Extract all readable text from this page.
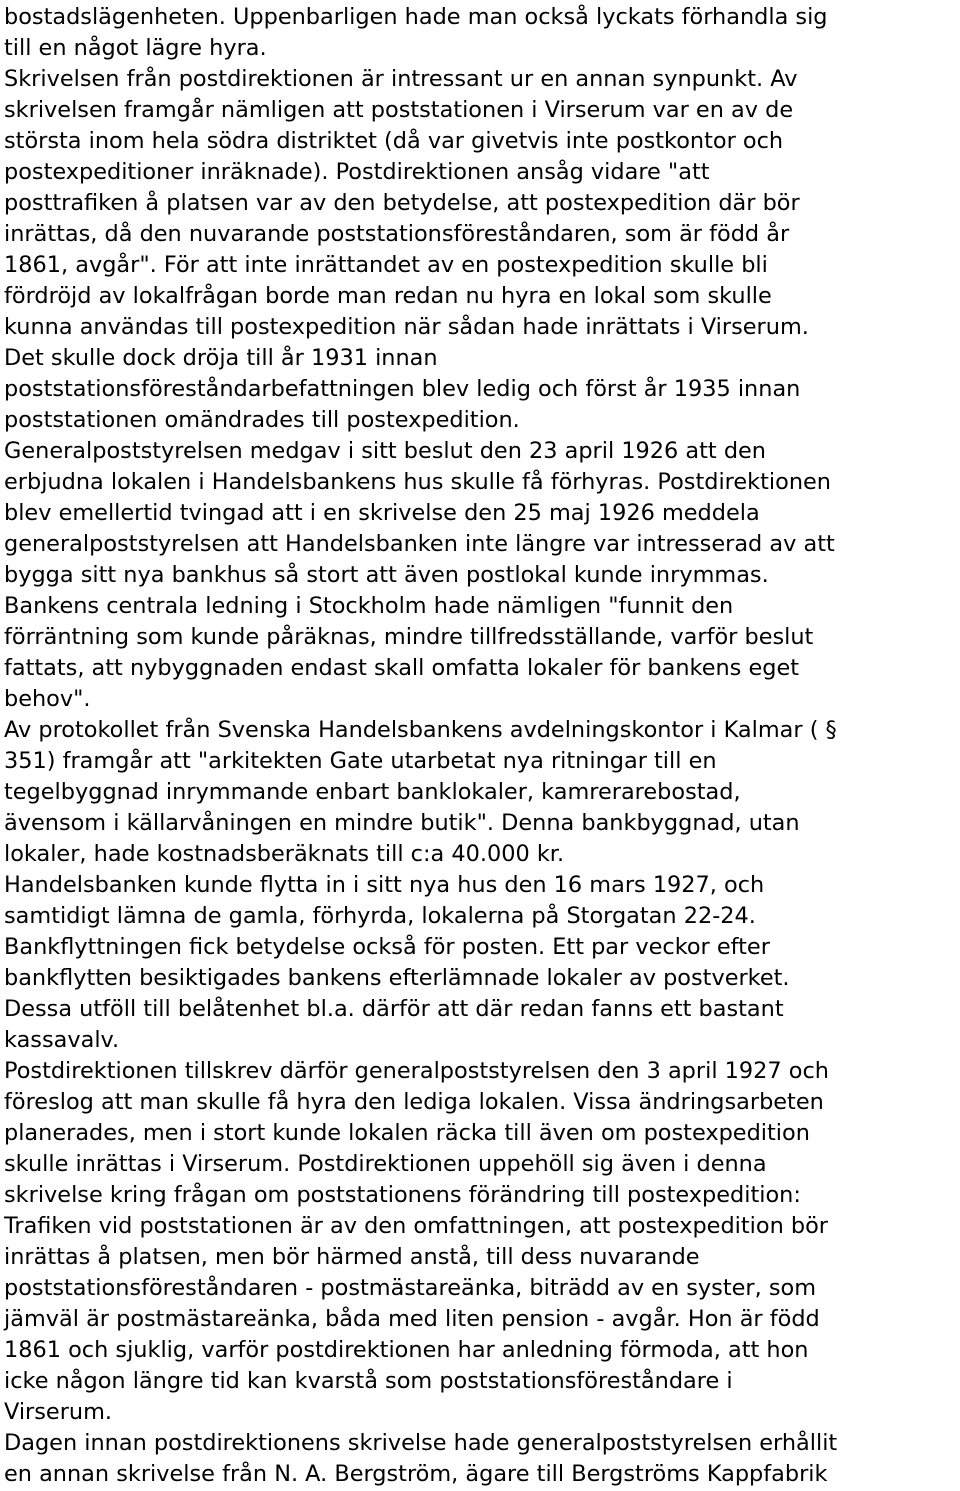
bostadslägenheten. Uppenbarligen hade man också lyckats förhandla sig
till en något lägre hyra.
Skrivelsen från postdirektionen är intressant ur en annan synpunkt. Av
skrivelsen framgår nämligen att poststationen i Virserum var en av de
största inom hela södra distriktet (då var givetvis inte postkontor och
postexpeditioner inräknade). Postdirektionen ansåg vidare "att
posttrafiken å platsen var av den betydelse, att postexpedition där bör
inrättas, då den nuvarande poststationsföreståndaren, som är född år
1861, avgår". För att inte inrättandet av en postexpedition skulle bli
fördröjd av lokalfrågan borde man redan nu hyra en lokal som skulle
kunna användas till postexpedition när sådan hade inrättats i Virserum.
Det skulle dock dröja till år 1931 innan
poststationsföreståndarbefattningen blev ledig och först år 1935 innan
poststationen omändrades till postexpedition.
Generalpoststyrelsen medgav i sitt beslut den 23 april 1926 att den
erbjudna lokalen i Handelsbankens hus skulle få förhyras. Postdirektionen
blev emellertid tvingad att i en skrivelse den 25 maj 1926 meddela
generalpoststyrelsen att Handelsbanken inte längre var intresserad av att
bygga sitt nya bankhus så stort att även postlokal kunde inrymmas.
Bankens centrala ledning i Stockholm hade nämligen "funnit den
förräntning som kunde påräknas, mindre tillfredsställande, varför beslut
fattats, att nybyggnaden endast skall omfatta lokaler för bankens eget
behov".
Av protokollet från Svenska Handelsbankens avdelningskontor i Kalmar ( §
351) framgår att "arkitekten Gate utarbetat nya ritningar till en
tegelbyggnad inrymmande enbart banklokaler, kamrerarebostad,
ävensom i källarvåningen en mindre butik". Denna bankbyggnad, utan
lokaler, hade kostnadsberäknats till c:a 40.000 kr.
Handelsbanken kunde flytta in i sitt nya hus den 16 mars 1927, och
samtidigt lämna de gamla, förhyrda, lokalerna på Storgatan 22-24.
Bankflyttningen fick betydelse också för posten. Ett par veckor efter
bankflytten besiktigades bankens efterlämnade lokaler av postverket.
Dessa utföll till belåtenhet bl.a. därför att där redan fanns ett bastant
kassavalv.
Postdirektionen tillskrev därför generalpoststyrelsen den 3 april 1927 och
föreslog att man skulle få hyra den lediga lokalen. Vissa ändringsarbeten
planerades, men i stort kunde lokalen räcka till även om postexpedition
skulle inrättas i Virserum. Postdirektionen uppehöll sig även i denna
skrivelse kring frågan om poststationens förändring till postexpedition:
Trafiken vid poststationen är av den omfattningen, att postexpedition bör
inrättas å platsen, men bör härmed anstå, till dess nuvarande
poststationsföreståndaren - postmästareänka, biträdd av en syster, som
jämväl är postmästareänka, båda med liten pension - avgår. Hon är född
1861 och sjuklig, varför postdirektionen har anledning förmoda, att hon
icke någon längre tid kan kvarstå som poststationsföreståndare i
Virserum.
Dagen innan postdirektionens skrivelse hade generalpoststyrelsen erhållit
en annan skrivelse från N. A. Bergström, ägare till Bergströms Kappfabrik
